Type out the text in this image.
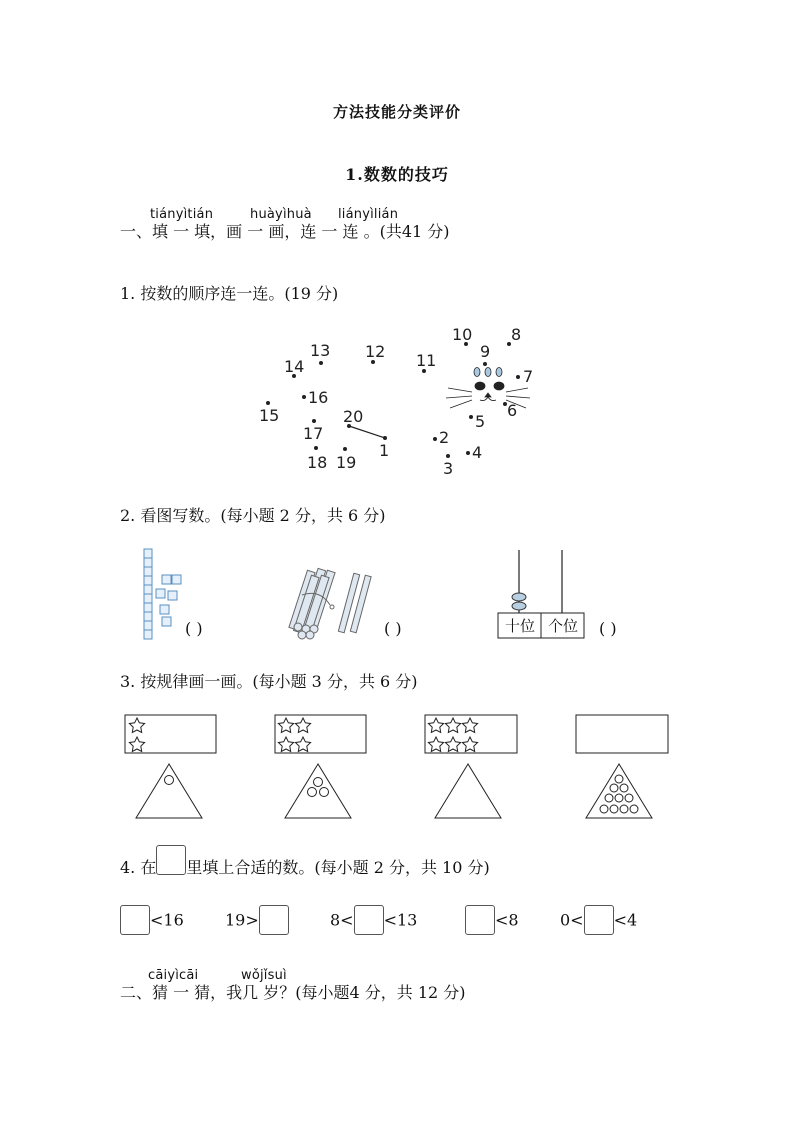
方法技能分类评价
1.数数的技巧
tiányìtián	huàyìhuà liányìlián
一、填 一 填，画 一 画，连 一 连 。(共41 分)
1. 按数的顺序连一连。(19 分)
1
2
3
4
5
6
7
8
9
10
11
12
13
14
15
16
17
18 19
20
2. 看图写数。(每小题 2 分，共 6 分)
( )	( )	十位 个位	( )
3. 按规律画一画。(每小题 3 分，共 6 分)
4. 在 里填上合适的数。(每小题 2 分，共 10 分)
<16	19>	8< <13	<8	0< <4
cāiyìcāi	wǒjǐsuì
二、猜 一 猜，我几 岁？(每小题4 分，共 12 分)
